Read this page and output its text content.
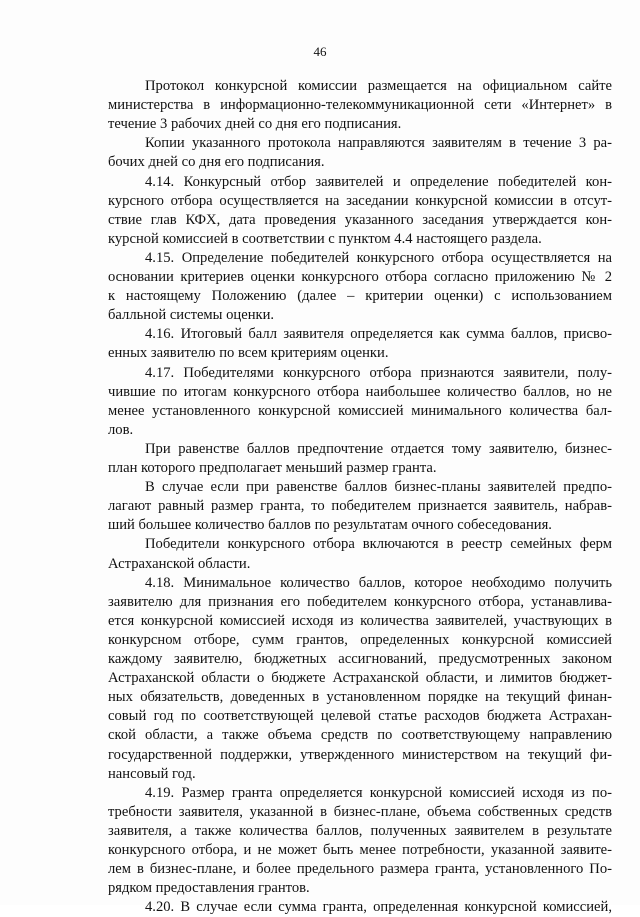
46
Протокол конкурсной комиссии размещается на официальном сайте
министерства в информационно-телекоммуникационной сети «Интернет» в
течение 3 рабочих дней со дня его подписания.
Копии указанного протокола направляются заявителям в течение 3 ра-
бочих дней со дня его подписания.
4.14. Конкурсный отбор заявителей и определение победителей кон-
курсного отбора осуществляется на заседании конкурсной комиссии в отсут-
ствие глав КФХ, дата проведения указанного заседания утверждается кон-
курсной комиссией в соответствии с пунктом 4.4 настоящего раздела.
4.15. Определение победителей конкурсного отбора осуществляется на
основании критериев оценки конкурсного отбора согласно приложению № 2
к настоящему Положению (далее – критерии оценки) с использованием
балльной системы оценки.
4.16. Итоговый балл заявителя определяется как сумма баллов, присво-
енных заявителю по всем критериям оценки.
4.17. Победителями конкурсного отбора признаются заявители, полу-
чившие по итогам конкурсного отбора наибольшее количество баллов, но не
менее установленного конкурсной комиссией минимального количества бал-
лов.
При равенстве баллов предпочтение отдается тому заявителю, бизнес-
план которого предполагает меньший размер гранта.
В случае если при равенстве баллов бизнес-планы заявителей предпо-
лагают равный размер гранта, то победителем признается заявитель, набрав-
ший большее количество баллов по результатам очного собеседования.
Победители конкурсного отбора включаются в реестр семейных ферм
Астраханской области.
4.18. Минимальное количество баллов, которое необходимо получить
заявителю для признания его победителем конкурсного отбора, устанавлива-
ется конкурсной комиссией исходя из количества заявителей, участвующих в
конкурсном отборе, сумм грантов, определенных конкурсной комиссией
каждому заявителю, бюджетных ассигнований, предусмотренных законом
Астраханской области о бюджете Астраханской области, и лимитов бюджет-
ных обязательств, доведенных в установленном порядке на текущий финан-
совый год по соответствующей целевой статье расходов бюджета Астрахан-
ской области, а также объема средств по соответствующему направлению
государственной поддержки, утвержденного министерством на текущий фи-
нансовый год.
4.19. Размер гранта определяется конкурсной комиссией исходя из по-
требности заявителя, указанной в бизнес-плане, объема собственных средств
заявителя, а также количества баллов, полученных заявителем в результате
конкурсного отбора, и не может быть менее потребности, указанной заявите-
лем в бизнес-плане, и более предельного размера гранта, установленного По-
рядком предоставления грантов.
4.20. В случае если сумма гранта, определенная конкурсной комиссией,
